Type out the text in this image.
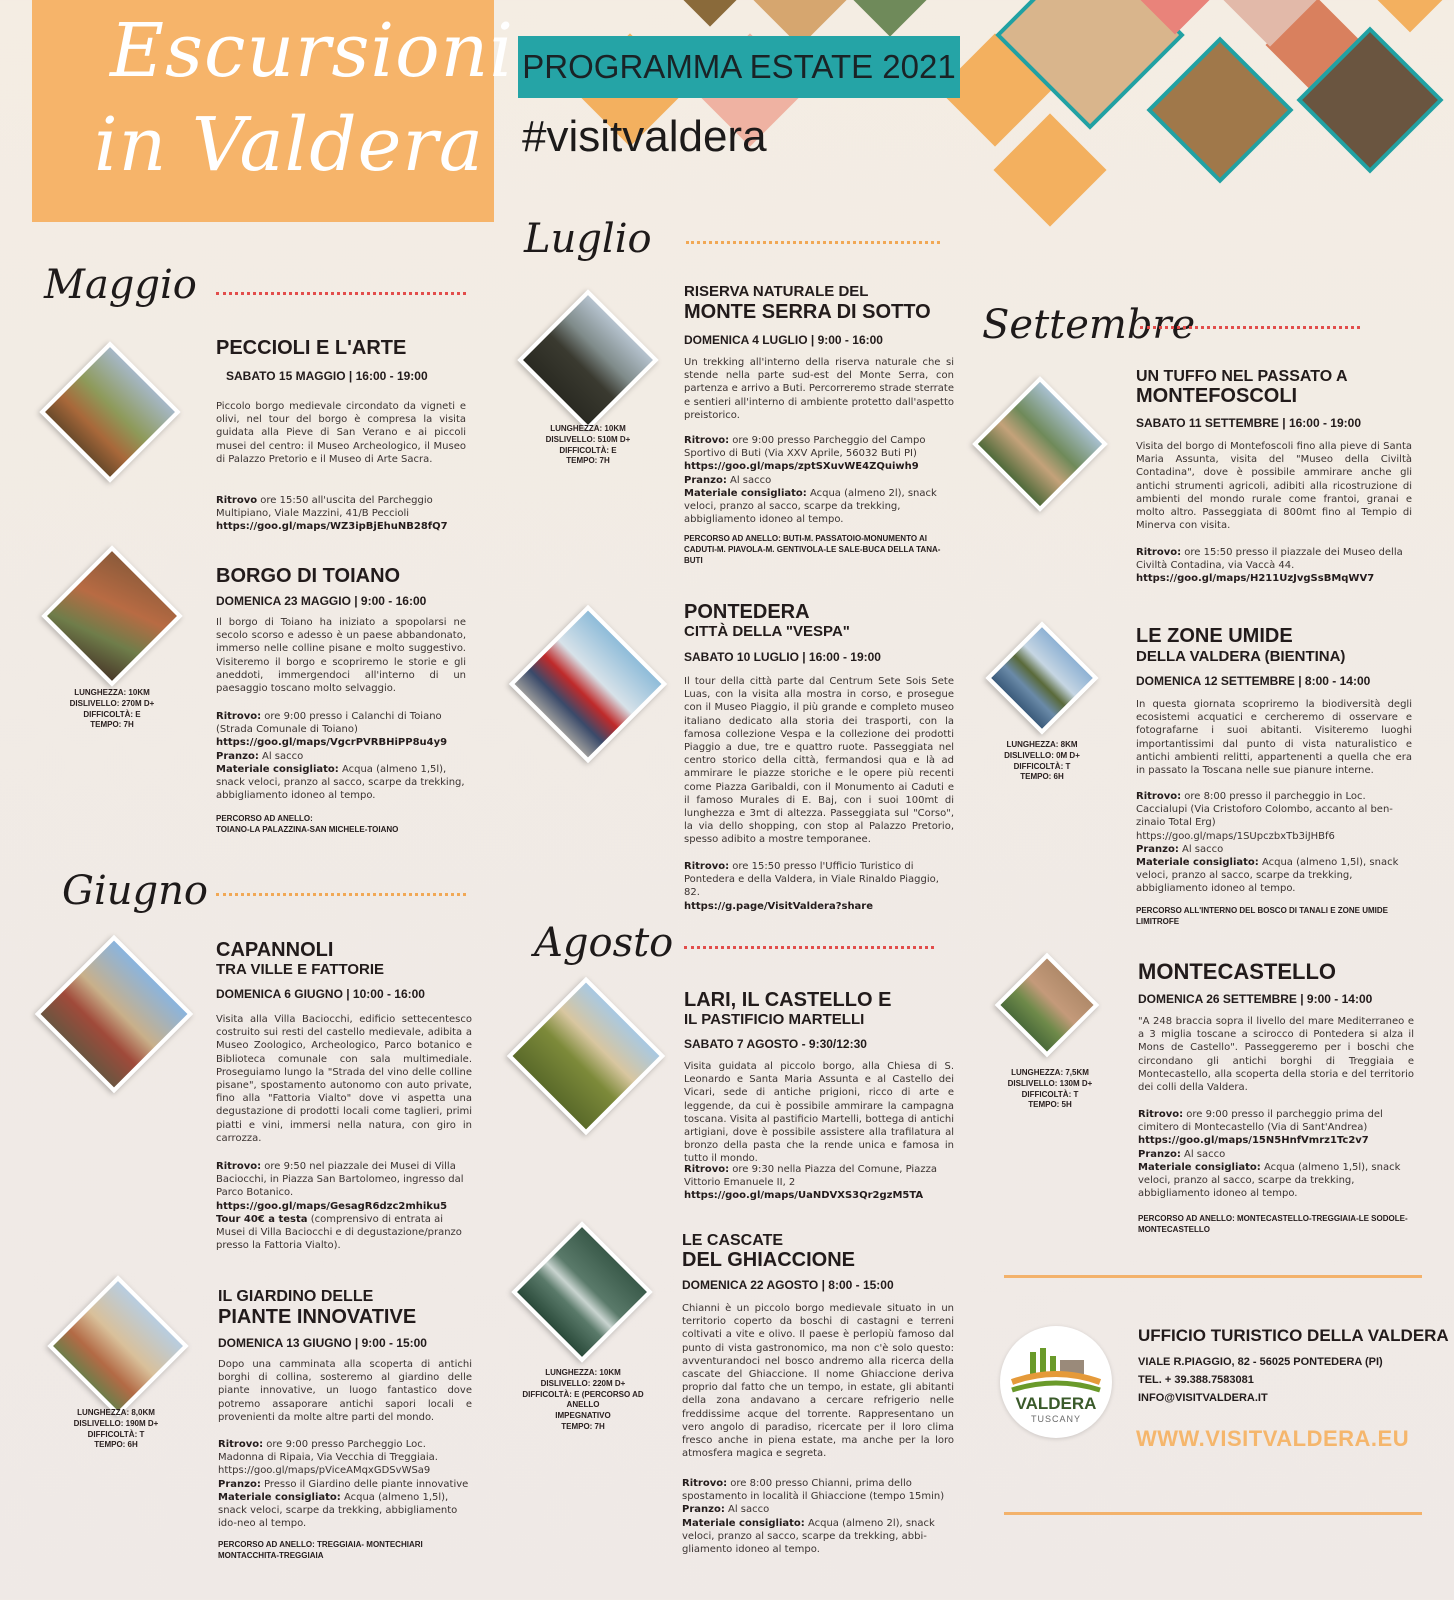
Escursioni
in Valdera
PROGRAMMA ESTATE 2021
#visitvaldera
Maggio
Giugno
Luglio
Agosto
Settembre
PECCIOLI E L'ARTE
SABATO 15 MAGGIO | 16:00 - 19:00
Piccolo borgo medievale circondato da vigneti e olivi, nel tour del borgo è compresa la visita guidata alla Pieve di San Verano e ai piccoli musei del centro: il Museo Archeologico, il Museo di Palazzo Pretorio e il Museo di Arte Sacra.
Ritrovo ore 15:50 all'uscita del Parcheggio Multipiano, Viale Mazzini, 41/B Peccioli
https://goo.gl/maps/WZ3ipBjEhuNB28fQ7
LUNGHEZZA: 10KM
DISLIVELLO: 270M D+
DIFFICOLTÀ: E
TEMPO: 7H
BORGO DI TOIANO
DOMENICA 23 MAGGIO | 9:00 - 16:00
Il borgo di Toiano ha iniziato a spopolarsi ne secolo scorso e adesso è un paese abbandonato, immerso nelle colline pisane e molto suggestivo. Visiteremo il borgo e scopriremo le storie e gli aneddoti, immergendoci all'interno di un paesaggio toscano molto selvaggio.
Ritrovo: ore 9:00 presso i Calanchi di Toiano (Strada Comunale di Toiano)
https://goo.gl/maps/VgcrPVRBHiPP8u4y9
Pranzo: Al sacco
Materiale consigliato: Acqua (almeno 1,5l), snack veloci, pranzo al sacco, scarpe da trekking, abbigliamento idoneo al tempo.
PERCORSO AD ANELLO:
TOIANO-LA PALAZZINA-SAN MICHELE-TOIANO
CAPANNOLI
TRA VILLE E FATTORIE
DOMENICA 6 GIUGNO | 10:00 - 16:00
Visita alla Villa Baciocchi, edificio settecentesco costruito sui resti del castello medievale, adibita a Museo Zoologico, Archeologico, Parco botanico e Biblioteca comunale con sala multimediale. Proseguiamo lungo la "Strada del vino delle colline pisane", spostamento autonomo con auto private, fino alla "Fattoria Vialto" dove vi aspetta una degustazione di prodotti locali come taglieri, primi piatti e vini, immersi nella natura, con giro in carrozza.
Ritrovo: ore 9:50 nel piazzale dei Musei di Villa Baciocchi, in Piazza San Bartolomeo, ingresso dal Parco Botanico.
https://goo.gl/maps/GesagR6dzc2mhiku5
Tour 40€ a testa (comprensivo di entrata ai Musei di Villa Baciocchi e di degustazione/pranzo presso la Fattoria Vialto).
LUNGHEZZA: 8,0KM
DISLIVELLO: 190M D+
DIFFICOLTÀ: T
TEMPO: 6H
IL GIARDINO DELLE
PIANTE INNOVATIVE
DOMENICA 13 GIUGNO | 9:00 - 15:00
Dopo una camminata alla scoperta di antichi borghi di collina, sosteremo al giardino delle piante innovative, un luogo fantastico dove potremo assaporare antichi sapori locali e provenienti da molte altre parti del mondo.
Ritrovo: ore 9:00 presso Parcheggio Loc. Madonna di Ripaia, Via Vecchia di Treggiaia. https://goo.gl/maps/pViceAMqxGDSvWSa9
Pranzo: Presso il Giardino delle piante innovative
Materiale consigliato: Acqua (almeno 1,5l), snack veloci, scarpe da trekking, abbigliamento ido-neo al tempo.
PERCORSO AD ANELLO: TREGGIAIA- MONTECHIARI
MONTACCHITA-TREGGIAIA
LUNGHEZZA: 10KM
DISLIVELLO: 510M D+
DIFFICOLTÀ: E
TEMPO: 7H
RISERVA NATURALE DEL
MONTE SERRA DI SOTTO
DOMENICA 4 LUGLIO | 9:00 - 16:00
Un trekking all'interno della riserva naturale che si stende nella parte sud-est del Monte Serra, con partenza e arrivo a Buti. Percorreremo strade sterrate e sentieri all'interno di ambiente protetto dall'aspetto preistorico.
Ritrovo: ore 9:00 presso Parcheggio del Campo Sportivo di Buti (Via XXV Aprile, 56032 Buti PI)
https://goo.gl/maps/zptSXuvWE4ZQuiwh9
Pranzo: Al sacco
Materiale consigliato: Acqua (almeno 2l), snack veloci, pranzo al sacco, scarpe da trekking, abbigliamento idoneo al tempo.
PERCORSO AD ANELLO: BUTI-M. PASSATOIO-MONUMENTO AI
CADUTI-M. PIAVOLA-M. GENTIVOLA-LE SALE-BUCA DELLA TANA-
BUTI
PONTEDERA
CITTÀ DELLA "VESPA"
SABATO 10 LUGLIO | 16:00 - 19:00
Il tour della città parte dal Centrum Sete Sois Sete Luas, con la visita alla mostra in corso, e prosegue con il Museo Piaggio, il più grande e completo museo italiano dedicato alla storia dei trasporti, con la famosa collezione Vespa e la collezione dei prodotti Piaggio a due, tre e quattro ruote. Passeggiata nel centro storico della città, fermandosi qua e là ad ammirare le piazze storiche e le opere più recenti come Piazza Garibaldi, con il Monumento ai Caduti e il famoso Murales di E. Baj, con i suoi 100mt di lunghezza e 3mt di altezza. Passeggiata sul "Corso", la via dello shopping, con stop al Palazzo Pretorio, spesso adibito a mostre temporanee.
Ritrovo: ore 15:50 presso l'Ufficio Turistico di Pontedera e della Valdera, in Viale Rinaldo Piaggio, 82.
https://g.page/VisitValdera?share
LARI, IL CASTELLO E
IL PASTIFICIO MARTELLI
SABATO 7 AGOSTO - 9:30/12:30
Visita guidata al piccolo borgo, alla Chiesa di S. Leonardo e Santa Maria Assunta e al Castello dei Vicari, sede di antiche prigioni, ricco di arte e leggende, da cui è possibile ammirare la campagna toscana. Visita al pastificio Martelli, bottega di antichi artigiani, dove è possibile assistere alla trafilatura al bronzo della pasta che la rende unica e famosa in tutto il mondo.
Ritrovo: ore 9:30 nella Piazza del Comune, Piazza Vittorio Emanuele II, 2
https://goo.gl/maps/UaNDVXS3Qr2gzM5TA
LUNGHEZZA: 10KM
DISLIVELLO: 220M D+
DIFFICOLTÀ: E (PERCORSO AD ANELLO
IMPEGNATIVO
TEMPO: 7H
LE CASCATE
DEL GHIACCIONE
DOMENICA 22 AGOSTO | 8:00 - 15:00
Chianni è un piccolo borgo medievale situato in un territorio coperto da boschi di castagni e terreni coltivati a vite e olivo. Il paese è perlopiù famoso dal punto di vista gastronomico, ma non c'è solo questo: avventurandoci nel bosco andremo alla ricerca della cascate del Ghiaccione. Il nome Ghiaccione deriva proprio dal fatto che un tempo, in estate, gli abitanti della zona andavano a cercare refrigerio nelle freddissime acque del torrente. Rappresentano un vero angolo di paradiso, ricercate per il loro clima fresco anche in piena estate, ma anche per la loro atmosfera magica e segreta.
Ritrovo: ore 8:00 presso Chianni, prima dello spostamento in località il Ghiaccione (tempo 15min)
Pranzo: Al sacco
Materiale consigliato: Acqua (almeno 2l), snack veloci, pranzo al sacco, scarpe da trekking, abbi-gliamento idoneo al tempo.
UN TUFFO NEL PASSATO A
MONTEFOSCOLI
SABATO 11 SETTEMBRE | 16:00 - 19:00
Visita del borgo di Montefoscoli fino alla pieve di Santa Maria Assunta, visita del "Museo della Civiltà Contadina", dove è possibile ammirare anche gli antichi strumenti agricoli, adibiti alla ricostruzione di ambienti del mondo rurale come frantoi, granai e molto altro. Passeggiata di 800mt fino al Tempio di Minerva con visita.
Ritrovo: ore 15:50 presso il piazzale dei Museo della Civiltà Contadina, via Vaccà 44.
https://goo.gl/maps/H211UzJvgSsBMqWV7
LUNGHEZZA: 8KM
DISLIVELLO: 0M D+
DIFFICOLTÀ: T
TEMPO: 6H
LE ZONE UMIDE
DELLA VALDERA (BIENTINA)
DOMENICA 12 SETTEMBRE | 8:00 - 14:00
In questa giornata scopriremo la biodiversità degli ecosistemi acquatici e cercheremo di osservare e fotografarne i suoi abitanti. Visiteremo luoghi importantissimi dal punto di vista naturalistico e antichi ambienti relitti, appartenenti a quella che era in passato la Toscana nelle sue pianure interne.
Ritrovo: ore 8:00 presso il parcheggio in Loc. Caccialupi (Via Cristoforo Colombo, accanto al ben-zinaio Total Erg)
https://goo.gl/maps/1SUpczbxTb3iJHBf6
Pranzo: Al sacco
Materiale consigliato: Acqua (almeno 1,5l), snack veloci, pranzo al sacco, scarpe da trekking, abbigliamento idoneo al tempo.
PERCORSO ALL'INTERNO DEL BOSCO DI TANALI E ZONE UMIDE
LIMITROFE
LUNGHEZZA: 7,5KM
DISLIVELLO: 130M D+
DIFFICOLTÀ: T
TEMPO: 5H
MONTECASTELLO
DOMENICA 26 SETTEMBRE | 9:00 - 14:00
"A 248 braccia sopra il livello del mare Mediterraneo e a 3 miglia toscane a scirocco di Pontedera si alza il Mons de Castello". Passeggeremo per i boschi che circondano gli antichi borghi di Treggiaia e Montecastello, alla scoperta della storia e del territorio dei colli della Valdera.
Ritrovo: ore 9:00 presso il parcheggio prima del cimitero di Montecastello (Via di Sant'Andrea)
https://goo.gl/maps/15N5HnfVmrz1Tc2v7
Pranzo: Al sacco
Materiale consigliato: Acqua (almeno 1,5l), snack veloci, pranzo al sacco, scarpe da trekking, abbigliamento idoneo al tempo.
PERCORSO AD ANELLO: MONTECASTELLO-TREGGIAIA-LE SODOLE-
MONTECASTELLO
VALDERA
TUSCANY
UFFICIO TURISTICO DELLA VALDERA
VIALE R.PIAGGIO, 82 - 56025 PONTEDERA (PI)
TEL. + 39.388.7583081
INFO@VISITVALDERA.IT
WWW.VISITVALDERA.EU
